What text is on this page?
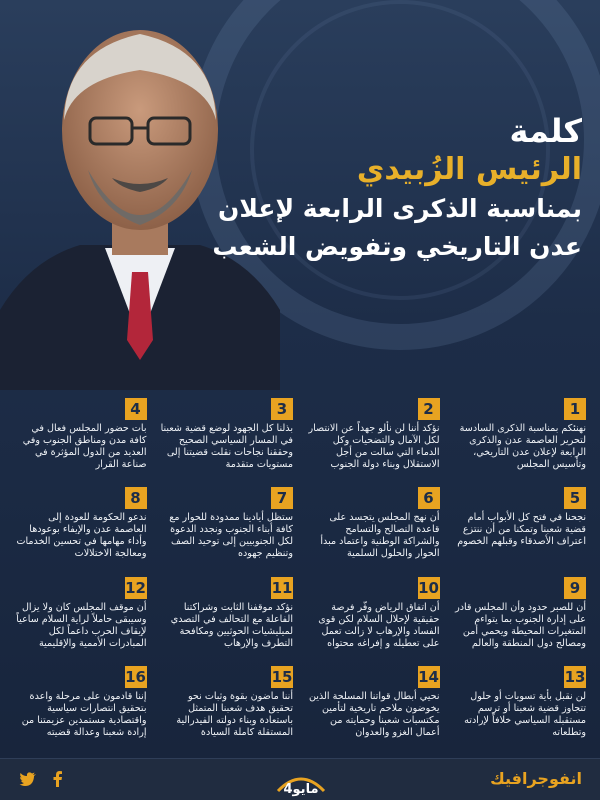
كلمة
الرئيس الزُبيدي
بمناسبة الذكرى الرابعة لإعلان
عدن التاريخي وتفويض الشعب
1
نهنئكم بمناسبة الذكرى السادسة لتحرير العاصمة عدن والذكرى الرابعة لإعلان عدن التاريخي، وتأسيس المجلس
2
نؤكد أننا لن نألو جهداً عن الانتصار لكل الآمال والتضحيات وكل الدماء التي سالت من أجل الاستقلال وبناء دولة الجنوب
3
بذلنا كل الجهود لوضع قضية شعبنا في المسار السياسي الصحيح وحققنا نجاحات نقلت قضيتنا إلى مستويات متقدمة
4
بات حضور المجلس فعال في كافة مدن ومناطق الجنوب وفي العديد من الدول المؤثرة في صناعة القرار
5
نجحنا في فتح كل الأبواب أمام قضية شعبنا وتمكنا من أن ننتزع اعتراف الأصدقاء وقبلهم الخصوم
6
أن نهج المجلس يتجسد على قاعدة التصالح والتسامح والشراكة الوطنية واعتماد مبدأ الحوار والحلول السلمية
7
ستظل أيادينا ممدودة للحوار مع كافة أبناء الجنوب ونجدد الدعوة لكل الجنوبيين إلى توحيد الصف وتنظيم جهوده
8
ندعو الحكومة للعودة إلى العاصمة عدن والإيفاء بوعودها وأداء مهامها في تحسين الخدمات ومعالجة الاختلالات
9
أن للصبر حدود وأن المجلس قادر على إدارة الجنوب بما يتواءم المتغيرات المحيطة ويحمي أمن ومصالح دول المنطقة والعالم
10
أن اتفاق الرياض وفّر فرصة حقيقية لإحلال السلام لكن قوى الفساد والإرهاب لا زالت تعمل على تعطيله و إفراغه محتواه
11
نؤكد موقفنا الثابت وشراكتنا الفاعلة مع التحالف في التصدي لميليشيات الحوثيين ومكافحة التطرف والإرهاب
12
أن موقف المجلس كان ولا يزال وسيبقى حاملاً لراية السلام ساعياً لإيقاف الحرب داعماً لكل المبادرات الأممية والإقليمية
13
لن نقبل بأية تسويات أو حلول تتجاوز قضية شعبنا أو ترسم مستقبله السياسي خلافاً لإرادته وتطلعاته
14
نحيي أبطال قواتنا المسلحة الذين يخوضون ملاحم تاريخية لتأمين مكتسبات شعبنا وحمايته من أعمال الغزو والعدوان
15
أننا ماضون بقوة وثبات نحو تحقيق هدف شعبنا المتمثل باستعادة وبناء دولته الفيدرالية المستقلة كاملة السيادة
16
إننا قادمون على مرحلة واعدة بتحقيق انتصارات سياسية واقتصادية مستمدين عزيمتنا من إرادة شعبنا وعدالة قضيته
انفوجرافيك
4مايو
